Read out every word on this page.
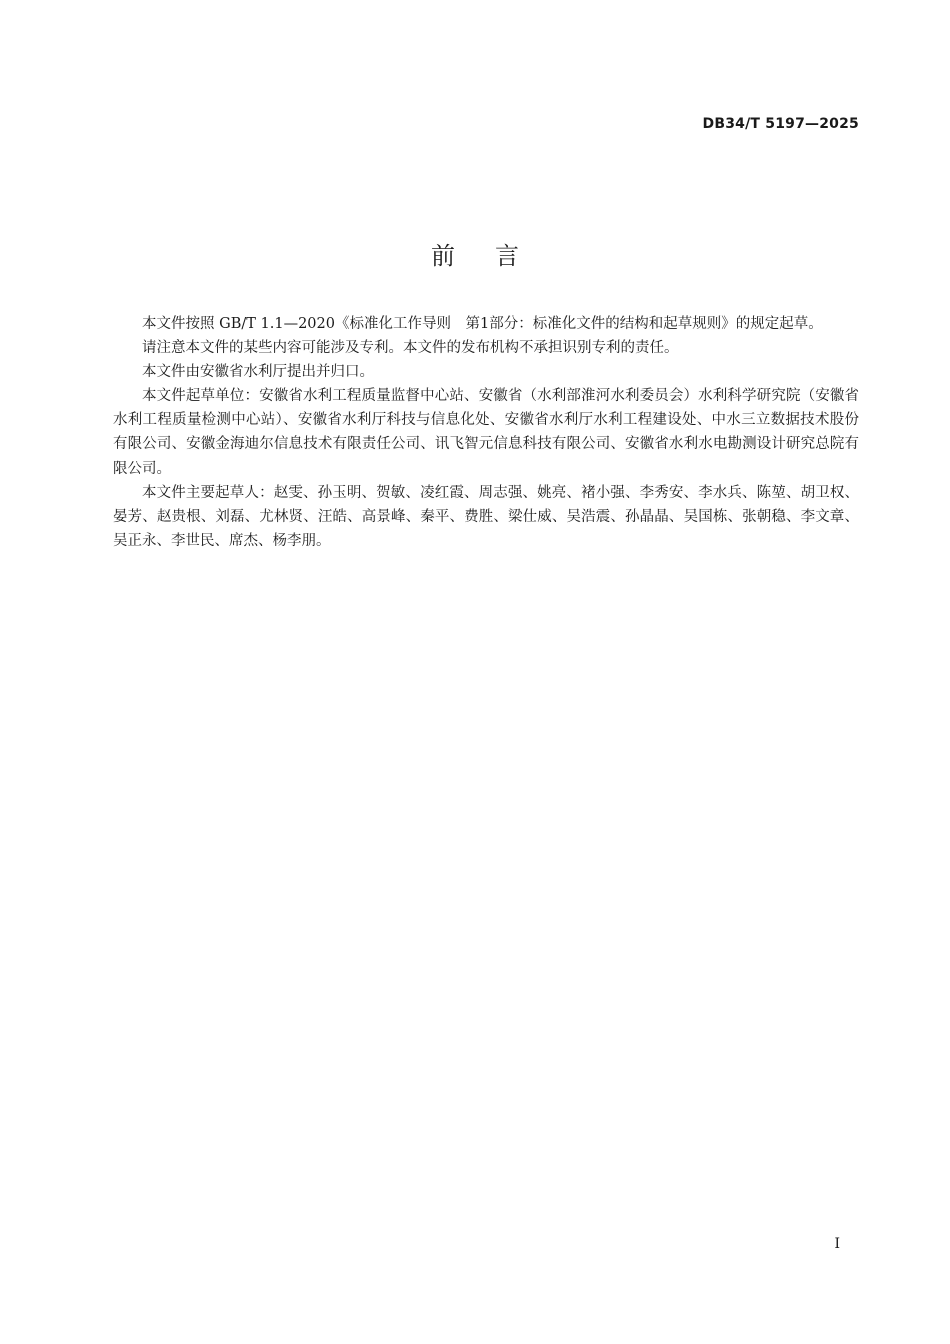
DB34/T 5197—2025
前言

本文件按照 GB/T 1.1—2020《标准化工作导则　第1部分：标准化文件的结构和起草规则》的规定起草。

请注意本文件的某些内容可能涉及专利。本文件的发布机构不承担识别专利的责任。

本文件由安徽省水利厅提出并归口。

本文件起草单位：安徽省水利工程质量监督中心站、安徽省（水利部淮河水利委员会）水利科学研究院（安徽省水利工程质量检测中心站）、安徽省水利厅科技与信息化处、安徽省水利厅水利工程建设处、中水三立数据技术股份有限公司、安徽金海迪尔信息技术有限责任公司、讯飞智元信息科技有限公司、安徽省水利水电勘测设计研究总院有限公司。

本文件主要起草人：赵雯、孙玉明、贺敏、凌红霞、周志强、姚亮、褚小强、李秀安、李水兵、陈堃、胡卫权、晏芳、赵贵根、刘磊、尤林贤、汪皓、高景峰、秦平、费胜、梁仕威、吴浩震、孙晶晶、吴国栋、张朝稳、李文章、吴正永、李世民、席杰、杨李朋。

I
